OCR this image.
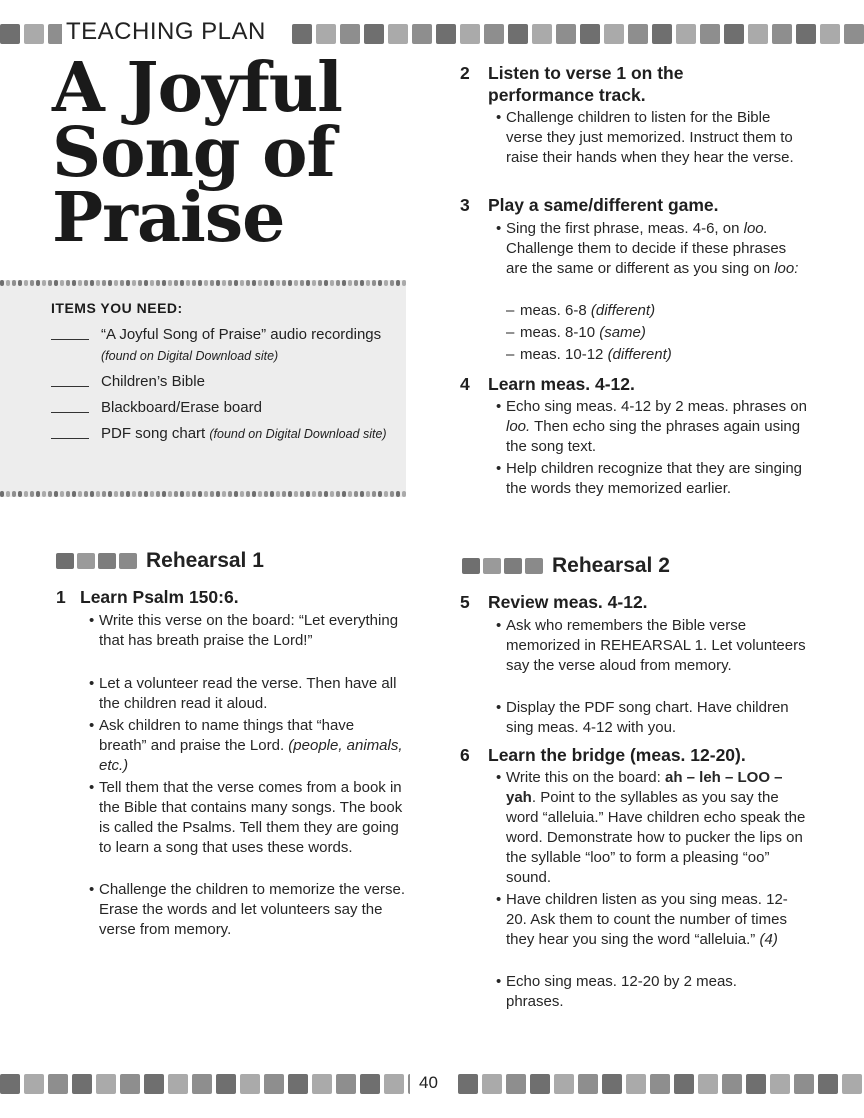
TEACHING PLAN
A Joyful
Song of
Praise
ITEMS YOU NEED:
“A Joyful Song of Praise” audio recordings (found on Digital Download site)
Children’s Bible
Blackboard/Erase board
PDF song chart (found on Digital Download site)
Rehearsal 1
1 Learn Psalm 150:6.
• Write this verse on the board: “Let everything that has breath praise the Lord!”
• Let a volunteer read the verse. Then have all the children read it aloud.
• Ask children to name things that “have breath” and praise the Lord. (people, animals, etc.)
• Tell them that the verse comes from a book in the Bible that contains many songs. The book is called the Psalms. Tell them they are going to learn a song that uses these words.
• Challenge the children to memorize the verse. Erase the words and let volunteers say the verse from memory.
2 Listen to verse 1 on the
performance track.
• Challenge children to listen for the Bible verse they just memorized. Instruct them to raise their hands when they hear the verse.
3 Play a same/different game.
• Sing the first phrase, meas. 4-6, on loo. Challenge them to decide if these phrases are the same or different as you sing on loo:
– meas. 6-8 (different)
– meas. 8-10 (same)
– meas. 10-12 (different)
4 Learn meas. 4-12.
• Echo sing meas. 4-12 by 2 meas. phrases on loo. Then echo sing the phrases again using the song text.
• Help children recognize that they are singing the words they memorized earlier.
Rehearsal 2
5 Review meas. 4-12.
• Ask who remembers the Bible verse memorized in REHEARSAL 1. Let volunteers say the verse aloud from memory.
• Display the PDF song chart. Have children sing meas. 4-12 with you.
6 Learn the bridge (meas. 12-20).
• Write this on the board: ah – leh – LOO – yah. Point to the syllables as you say the word “alleluia.” Have children echo speak the word. Demonstrate how to pucker the lips on the syllable “loo” to form a pleasing “oo” sound.
• Have children listen as you sing meas. 12-20. Ask them to count the number of times they hear you sing the word “alleluia.” (4)
• Echo sing meas. 12-20 by 2 meas. phrases.
40
